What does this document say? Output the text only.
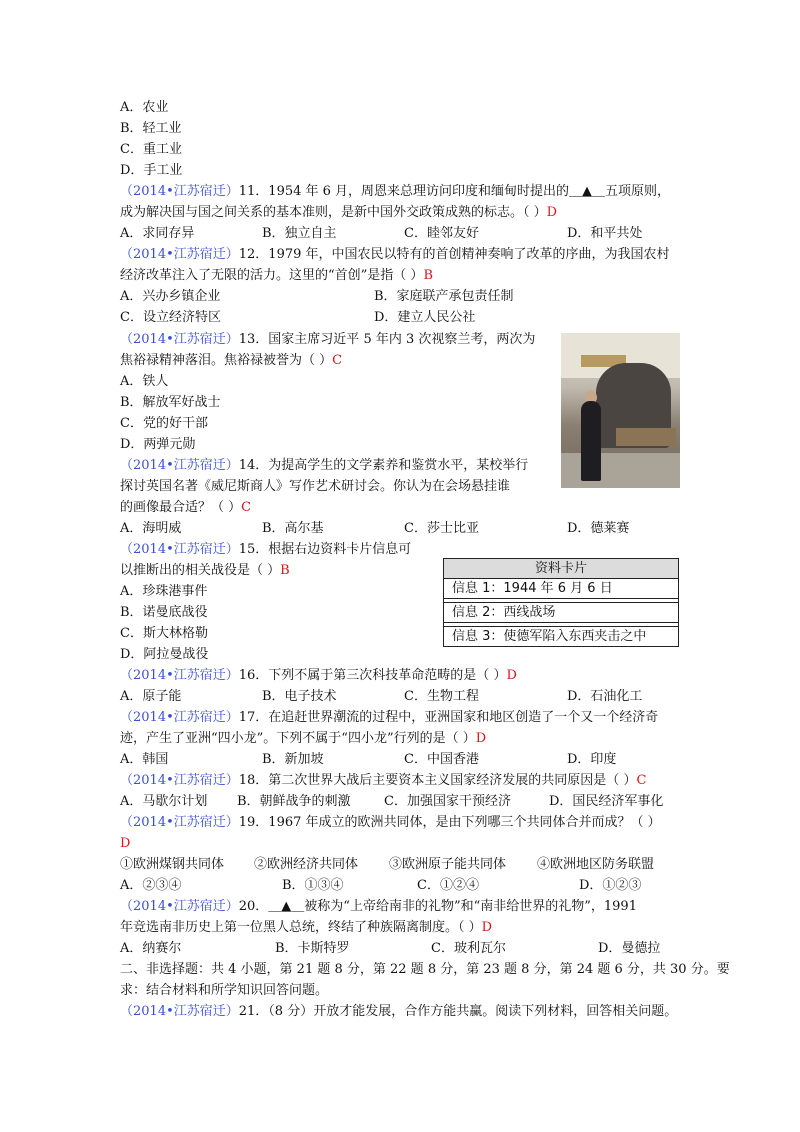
A．农业
B．轻工业
C．重工业
D．手工业
（2014•江苏宿迁）11．1954 年 6 月，周恩来总理访问印度和缅甸时提出的＿▲＿五项原则，
成为解决国与国之间关系的基本准则，是新中国外交政策成熟的标志。（ ）D
A．求同存异	B．独立自主	C．睦邻友好	D．和平共处
（2014•江苏宿迁）12．1979 年，中国农民以特有的首创精神奏响了改革的序曲，为我国农村
经济改革注入了无限的活力。这里的“首创”是指（ ）B
A．兴办乡镇企业	B．家庭联产承包责任制
C．设立经济特区	D．建立人民公社
（2014•江苏宿迁）13．国家主席习近平 5 年内 3 次视察兰考，两次为
焦裕禄精神落泪。焦裕禄被誉为（ ）C
A．铁人
B．解放军好战士
C．党的好干部
D．两弹元勋
（2014•江苏宿迁）14．为提高学生的文学素养和鉴赏水平，某校举行
探讨英国名著《威尼斯商人》写作艺术研讨会。你认为在会场悬挂谁
的画像最合适？（ ）C
A．海明威	B．高尔基	C．莎士比亚	D．德莱赛
（2014•江苏宿迁）15．根据右边资料卡片信息可
以推断出的相关战役是（ ）B
A．珍珠港事件
B．诺曼底战役
C．斯大林格勒
D．阿拉曼战役
资料卡片
信息 1：1944 年 6 月 6 日
信息 2：西线战场
信息 3：使德军陷入东西夹击之中
（2014•江苏宿迁）16．下列不属于第三次科技革命范畴的是（ ）D
A．原子能	B．电子技术	C．生物工程	D．石油化工
（2014•江苏宿迁）17．在追赶世界潮流的过程中，亚洲国家和地区创造了一个又一个经济奇
迹，产生了亚洲“四小龙”。下列不属于“四小龙”行列的是（ ）D
A．韩国	B．新加坡	C．中国香港	D．印度
（2014•江苏宿迁）18．第二次世界大战后主要资本主义国家经济发展的共同原因是（ ）C
A．马歇尔计划 B．朝鲜战争的刺激	C．加强国家干预经济	D．国民经济军事化
（2014•江苏宿迁）19．1967 年成立的欧洲共同体，是由下列哪三个共同体合并而成？（ ）
D
①欧洲煤钢共同体 ②欧洲经济共同体 ③欧洲原子能共同体 ④欧洲地区防务联盟
A．②③④	B．①③④	C．①②④	D．①②③
（2014•江苏宿迁）20．＿▲＿被称为“上帝给南非的礼物”和“南非给世界的礼物”，1991
年竞选南非历史上第一位黑人总统，终结了种族隔离制度。（ ）D
A．纳赛尔	B．卡斯特罗	C．玻利瓦尔	D．曼德拉
二、非选择题：共 4 小题，第 21 题 8 分，第 22 题 8 分，第 23 题 8 分，第 24 题 6 分，共 30 分。要
求：结合材料和所学知识回答问题。
（2014•江苏宿迁）21．（8 分）开放才能发展，合作方能共赢。阅读下列材料，回答相关问题。
